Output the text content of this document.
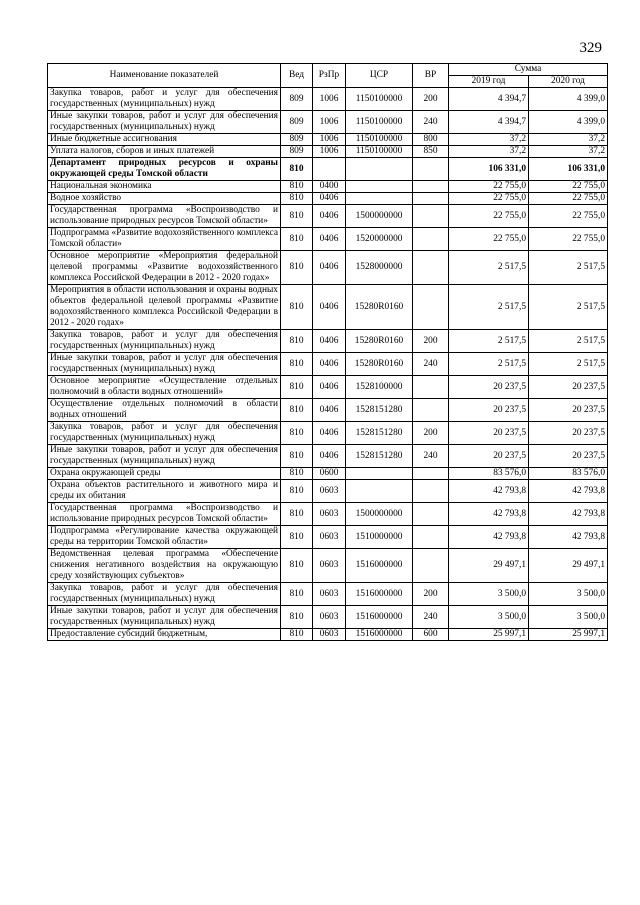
329
Наименование показателей	Вед	РзПр	ЦСР	ВР	Сумма	
					2019 год	2020 год
Закупка товаров, работ и услуг для обеспечения государственных (муниципальных) нужд	809	1006	1150100000	200	4 394,7	4 399,0
Иные закупки товаров, работ и услуг для обеспечения государственных (муниципальных) нужд	809	1006	1150100000	240	4 394,7	4 399,0
Иные бюджетные ассигнования	809	1006	1150100000	800	37,2	37,2
Уплата налогов, сборов и иных платежей	809	1006	1150100000	850	37,2	37,2
Департамент природных ресурсов и охраны окружающей среды Томской области	810				106 331,0	106 331,0
Национальная экономика	810	0400			22 755,0	22 755,0
Водное хозяйство	810	0406			22 755,0	22 755,0
Государственная программа «Воспроизводство и использование природных ресурсов Томской области»	810	0406	1500000000		22 755,0	22 755,0
Подпрограмма «Развитие водохозяйственного комплекса Томской области»	810	0406	1520000000		22 755,0	22 755,0
Основное мероприятие «Мероприятия федеральной целевой программы «Развитие водохозяйственного комплекса Российской Федерации в 2012 - 2020 годах»	810	0406	1528000000		2 517,5	2 517,5
Мероприятия в области использования и охраны водных объектов федеральной целевой программы «Развитие водохозяйственного комплекса Российской Федерации в 2012 - 2020 годах»	810	0406	15280R0160		2 517,5	2 517,5
Закупка товаров, работ и услуг для обеспечения государственных (муниципальных) нужд	810	0406	15280R0160	200	2 517,5	2 517,5
Иные закупки товаров, работ и услуг для обеспечения государственных (муниципальных) нужд	810	0406	15280R0160	240	2 517,5	2 517,5
Основное мероприятие «Осуществление отдельных полномочий в области водных отношений»	810	0406	1528100000		20 237,5	20 237,5
Осуществление отдельных полномочий в области водных отношений	810	0406	1528151280		20 237,5	20 237,5
Закупка товаров, работ и услуг для обеспечения государственных (муниципальных) нужд	810	0406	1528151280	200	20 237,5	20 237,5
Иные закупки товаров, работ и услуг для обеспечения государственных (муниципальных) нужд	810	0406	1528151280	240	20 237,5	20 237,5
Охрана окружающей среды	810	0600			83 576,0	83 576,0
Охрана объектов растительного и животного мира и среды их обитания	810	0603			42 793,8	42 793,8
Государственная программа «Воспроизводство и использование природных ресурсов Томской области»	810	0603	1500000000		42 793,8	42 793,8
Подпрограмма «Регулирование качества окружающей среды на территории Томской области»	810	0603	1510000000		42 793,8	42 793,8
Ведомственная целевая программа «Обеспечение снижения негативного воздействия на окружающую среду хозяйствующих субъектов»	810	0603	1516000000		29 497,1	29 497,1
Закупка товаров, работ и услуг для обеспечения государственных (муниципальных) нужд	810	0603	1516000000	200	3 500,0	3 500,0
Иные закупки товаров, работ и услуг для обеспечения государственных (муниципальных) нужд	810	0603	1516000000	240	3 500,0	3 500,0
Предоставление субсидий бюджетным,	810	0603	1516000000	600	25 997,1	25 997,1
